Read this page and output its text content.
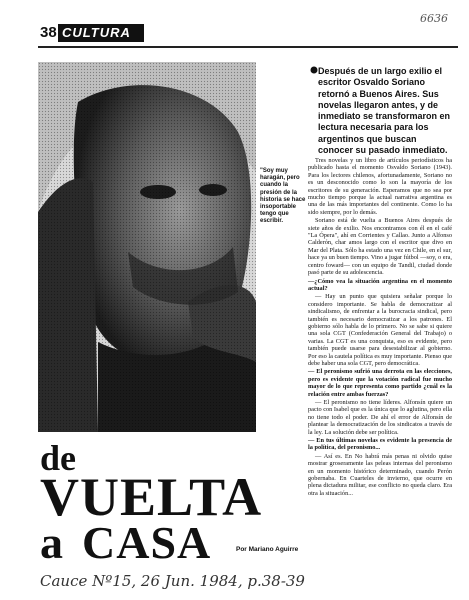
38 CULTURA
6636
"Soy muy haragán, pero cuando la presión de la historia se hace insoportable tengo que escribir.
de
VUELTA
a CASA	Por Mariano Aguirre

Después de un largo exilio el escritor Osvaldo Soriano retornó a Buenos Aires. Sus novelas llegaron antes, y de inmediato se transformaron en lectura necesaria para los argentinos que buscan conocer su pasado inmediato.

Tres novelas y un libro de artículos periodísticos ha publicado hasta el momento Osvaldo Soriano (1943). Para los lectores chilenos, afortunadamente, Soriano no es un desconocido como lo son la mayoría de los escritores de su generación. Esperamos que no sea por mucho tiempo porque la actual narrativa argentina es una de las más importantes del continente. Como lo ha sido siempre, por lo demás.

Soriano está de vuelta a Buenos Aires después de siete años de exilio. Nos encontramos con él en el café "La Ópera", ahí en Corrientes y Callao. Junto a Alfonso Calderón, char amos largo con el escritor que divo en Mar del Plata. Sólo ha estado una vez en Chile, en el sur, hace ya un buen tiempo. Vino a jugar fútbol —soy, o era, centro foward— con un equipo de Tandil, ciudad donde pasó parte de su adolescencia.

—¿Cómo vea la situación argentina en el momento actual?

— Hay un punto que quisiera señalar porque lo considero importante. Se habla de democratizar al sindicalismo, de enfrentar a la burocracia sindical, pero también es necesario democratizar a los patrones. El gobierno sólo habla de lo primero. No se sabe si quiere una sola CGT (Confederación General del Trabajo) o varias. La CGT es una conquista, eso es evidente, pero también puede usarse para desestabilizar al gobierno. Por eso la cautela política es muy importante. Pienso que debe haber una sola CGT, pero democrática.

— El peronismo sufrió una derrota en las elecciones, pero es evidente que la votación radical fue mucho mayor de lo que representa como partido ¿cuál es la relación entre ambas fuerzas?

— El peronismo no tiene líderes. Alfonsín quiere un pacto con Isabel que es la única que lo aglutina, pero ella no tiene todo el poder. De ahí el error de Alfonsín de plantear la democratización de los sindicatos a través de la ley. La solución debe ser política.

— En tus últimas novelas es evidente la presencia de la política, del peronismo...

— Así es. En No habrá más penas ni olvido quise mostrar groseramente las peleas internas del peronismo en un momento histórico determinado, cuando Perón gobernaba. En Cuarteles de invierno, que ocurre en plena dictadura militar, ese conflicto no queda claro. Era otra la situación...

Cauce Nº15, 26 Jun. 1984, p.38-39
